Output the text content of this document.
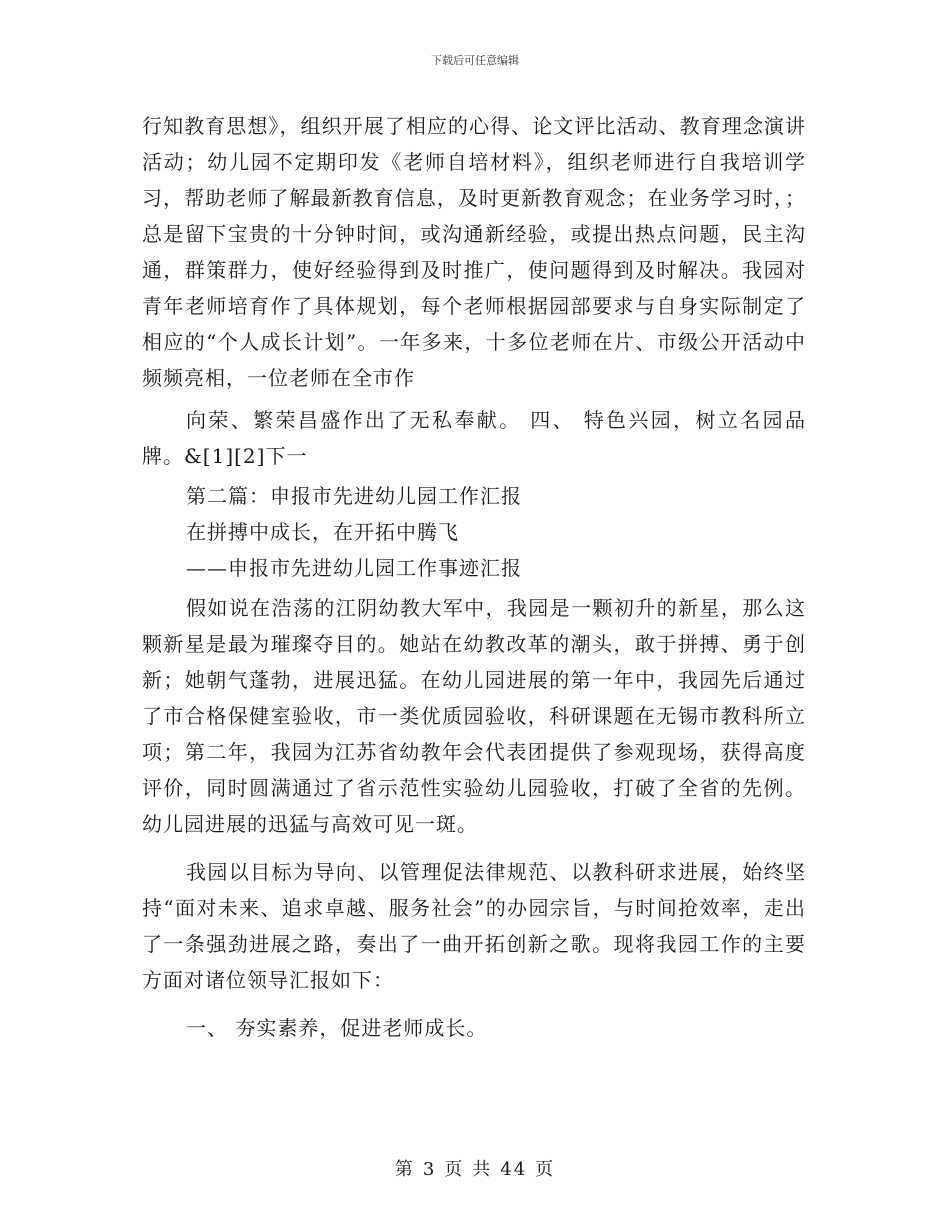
下载后可任意编辑

行知教育思想》，组织开展了相应的心得、论文评比活动、教育理念演讲活动；幼儿园不定期印发《老师自培材料》，组织老师进行自我培训学习，帮助老师了解最新教育信息，及时更新教育观念；在业务学习时，；总是留下宝贵的十分钟时间，或沟通新经验，或提出热点问题，民主沟通，群策群力，使好经验得到及时推广，使问题得到及时解决。我园对青年老师培育作了具体规划，每个老师根据园部要求与自身实际制定了相应的“个人成长计划”。一年多来，十多位老师在片、市级公开活动中频频亮相，一位老师在全市作

向荣、繁荣昌盛作出了无私奉献。 四、 特色兴园，树立名园品牌。&[1][2]下一

第二篇：申报市先进幼儿园工作汇报

在拼搏中成长，在开拓中腾飞

——申报市先进幼儿园工作事迹汇报

假如说在浩荡的江阴幼教大军中，我园是一颗初升的新星，那么这颗新星是最为璀璨夺目的。她站在幼教改革的潮头，敢于拼搏、勇于创新；她朝气蓬勃，进展迅猛。在幼儿园进展的第一年中，我园先后通过了市合格保健室验收，市一类优质园验收，科研课题在无锡市教科所立项；第二年，我园为江苏省幼教年会代表团提供了参观现场，获得高度评价，同时圆满通过了省示范性实验幼儿园验收，打破了全省的先例。幼儿园进展的迅猛与高效可见一斑。

我园以目标为导向、以管理促法律规范、以教科研求进展，始终坚持“面对未来、追求卓越、服务社会”的办园宗旨，与时间抢效率，走出了一条强劲进展之路，奏出了一曲开拓创新之歌。现将我园工作的主要方面对诸位领导汇报如下：

一、 夯实素养，促进老师成长。

第 3 页 共 44 页
